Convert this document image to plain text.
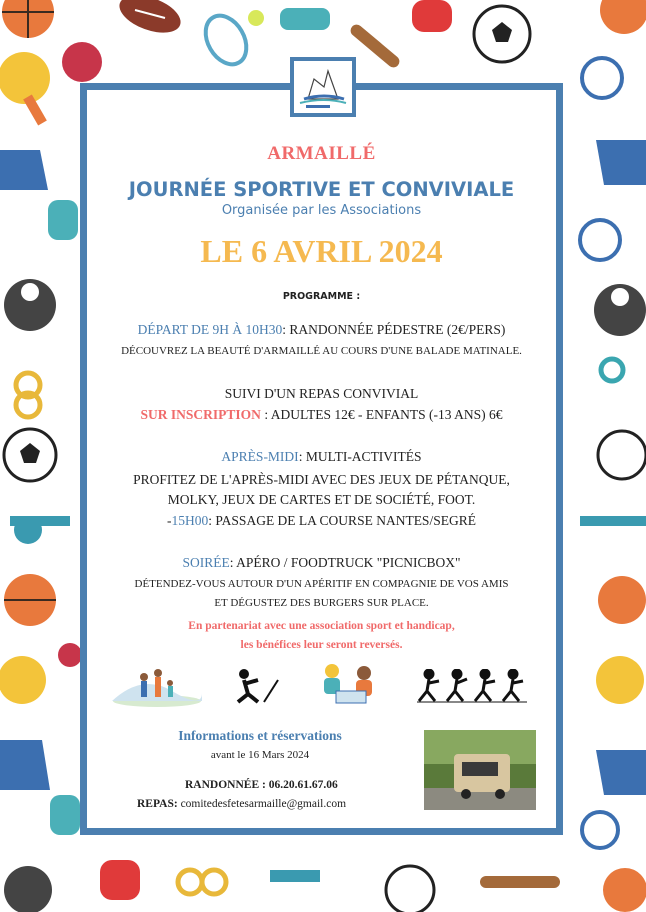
ARMAILLÉ
JOURNÉE SPORTIVE ET CONVIVIALE
Organisée par les Associations
LE 6 AVRIL 2024
PROGRAMME :
DÉPART DE 9H À 10H30: RANDONNÉE PÉDESTRE (2€/PERS)
DÉCOUVREZ LA BEAUTÉ D'ARMAILLÉ AU COURS D'UNE BALADE MATINALE.
SUIVI D'UN REPAS CONVIVIAL
SUR INSCRIPTION : ADULTES 12€ - ENFANTS (-13 ANS) 6€
APRÈS-MIDI: MULTI-ACTIVITÉS
PROFITEZ DE L'APRÈS-MIDI AVEC DES JEUX DE PÉTANQUE,
MOLKY, JEUX DE CARTES ET DE SOCIÉTÉ, FOOT.
-15H00: PASSAGE DE LA COURSE NANTES/SEGRÉ
SOIRÉE: APÉRO / FOODTRUCK "PICNICBOX"
DÉTENDEZ-VOUS AUTOUR D'UN APÉRITIF EN COMPAGNIE DE VOS AMIS
ET DÉGUSTEZ DES BURGERS SUR PLACE.
En partenariat avec une association sport et handicap,
les bénéfices leur seront reversés.
Informations et réservations
avant le 16 Mars 2024
RANDONNÉE : 06.20.61.67.06
REPAS: comitedesfetesarmaille@gmail.com
